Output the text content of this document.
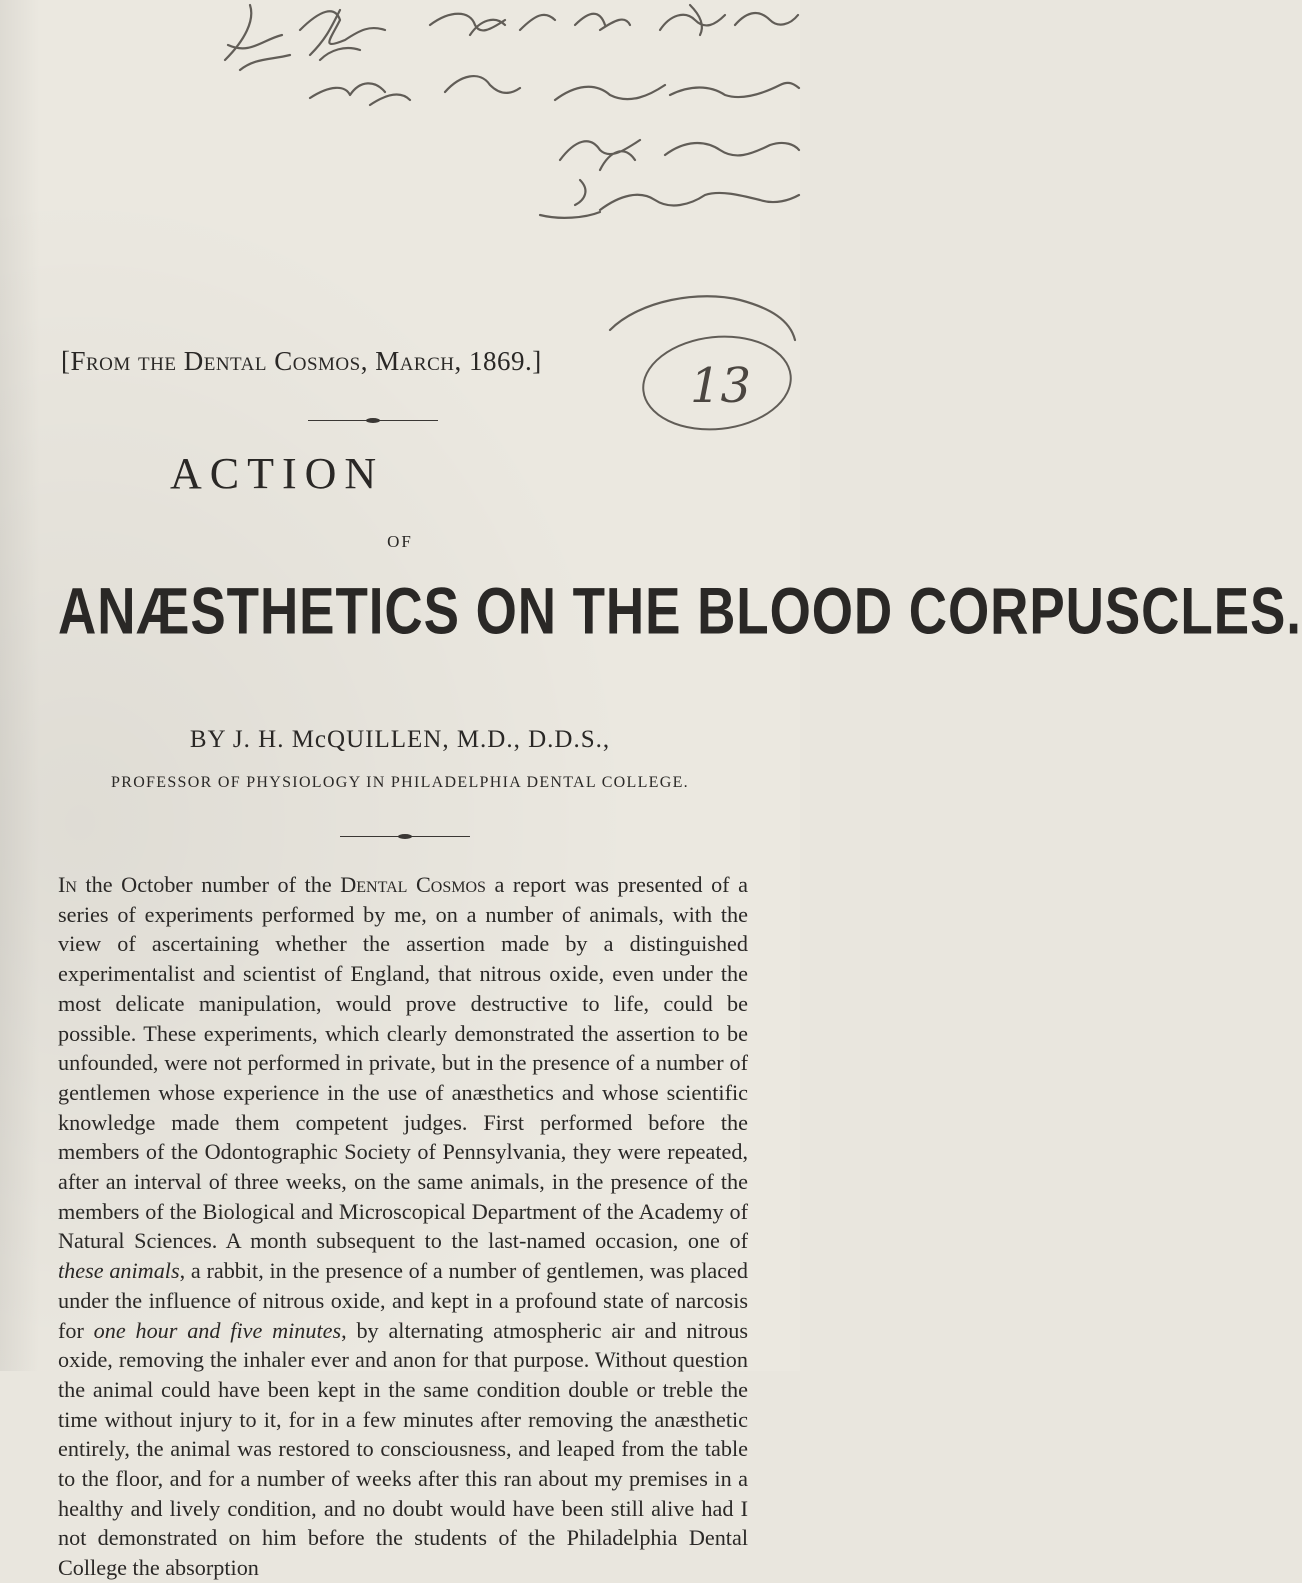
13
[From the Dental Cosmos, March, 1869.]
ACTION
OF
ANÆSTHETICS ON THE BLOOD CORPUSCLES.
BY J. H. McQUILLEN, M.D., D.D.S.,
PROFESSOR OF PHYSIOLOGY IN PHILADELPHIA DENTAL COLLEGE.

In the October number of the Dental Cosmos a report was presented of a series of experiments performed by me, on a number of animals, with the view of ascertaining whether the assertion made by a distinguished experimentalist and scientist of England, that nitrous oxide, even under the most delicate manipulation, would prove destructive to life, could be possible. These experiments, which clearly demonstrated the assertion to be unfounded, were not performed in private, but in the presence of a number of gentlemen whose experience in the use of anæsthetics and whose scientific knowledge made them competent judges. First performed before the members of the Odontographic Society of Pennsylvania, they were repeated, after an interval of three weeks, on the same animals, in the presence of the members of the Biological and Microscopical Department of the Academy of Natural Sciences. A month subsequent to the last-named occasion, one of these animals, a rabbit, in the presence of a number of gentlemen, was placed under the influence of nitrous oxide, and kept in a profound state of narcosis for one hour and five minutes, by alternating atmospheric air and nitrous oxide, removing the inhaler ever and anon for that purpose. Without question the animal could have been kept in the same condition double or treble the time without injury to it, for in a few minutes after removing the anæsthetic entirely, the animal was restored to consciousness, and leaped from the table to the floor, and for a number of weeks after this ran about my premises in a healthy and lively condition, and no doubt would have been still alive had I not demonstrated on him before the students of the Philadelphia Dental College the absorption
